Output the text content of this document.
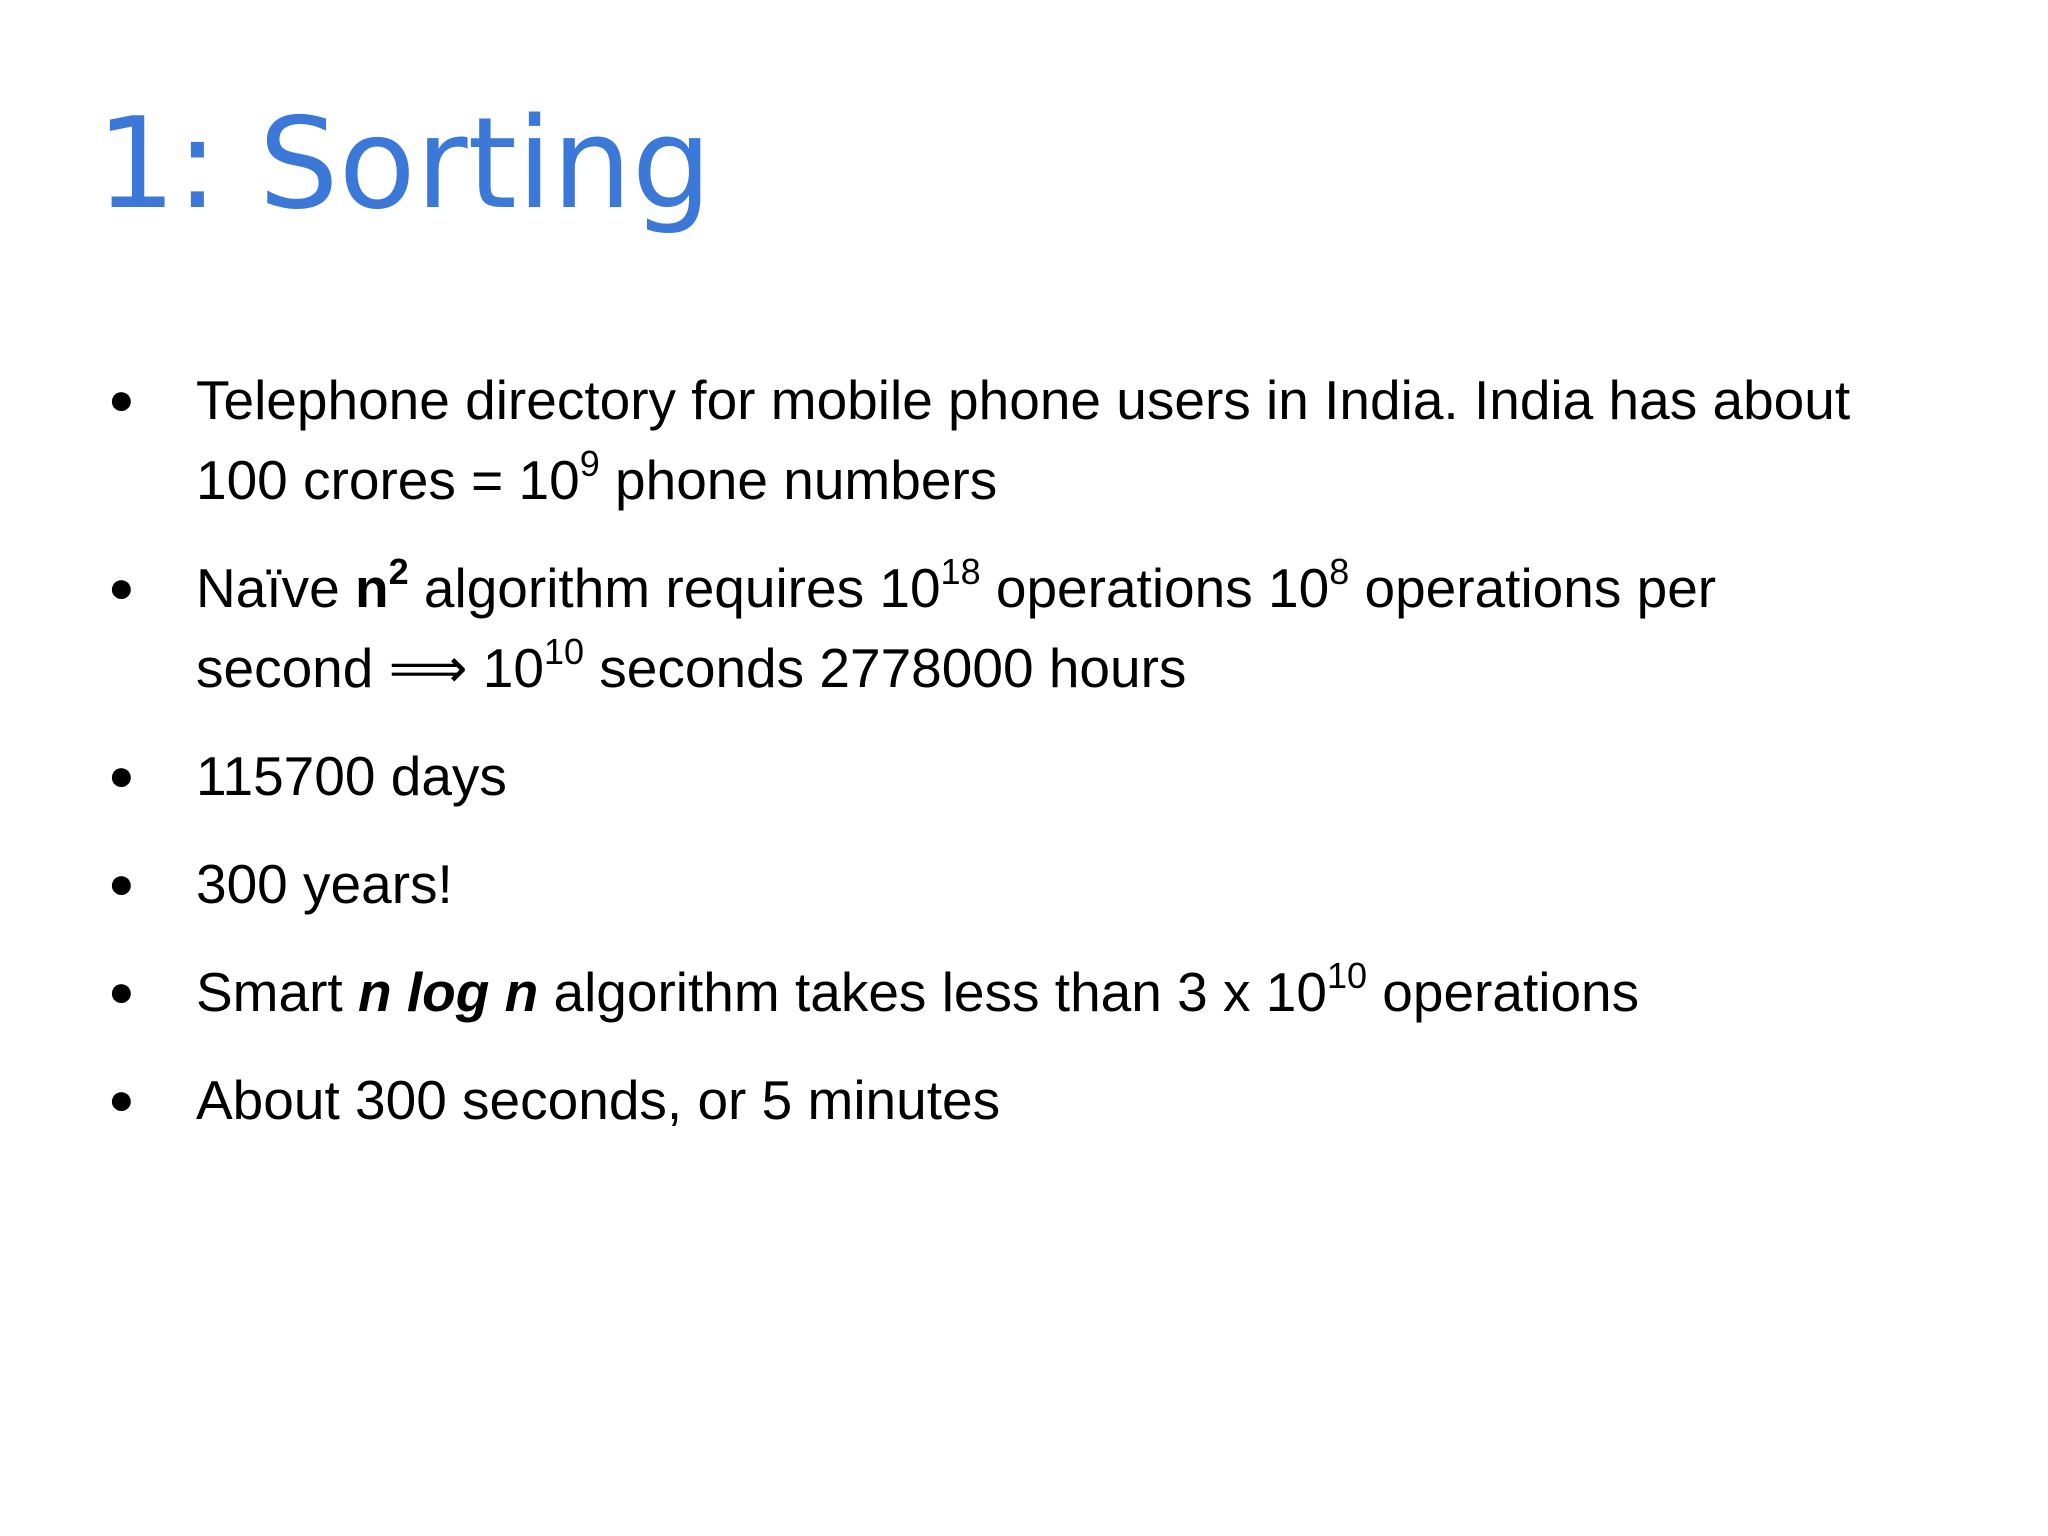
1: Sorting
● Telephone directory for mobile phone users in India. India has about
100 crores = $10^9$ phone numbers
● Naïve $n^2$ algorithm requires $10^{18}$ operations $10^8$ operations per
second ⟹ $10^{10}$ seconds 2778000 hours
● 115700 days
● 300 years!
● Smart n log n algorithm takes less than 3 x $10^{10}$ operations
● About 300 seconds, or 5 minutes
